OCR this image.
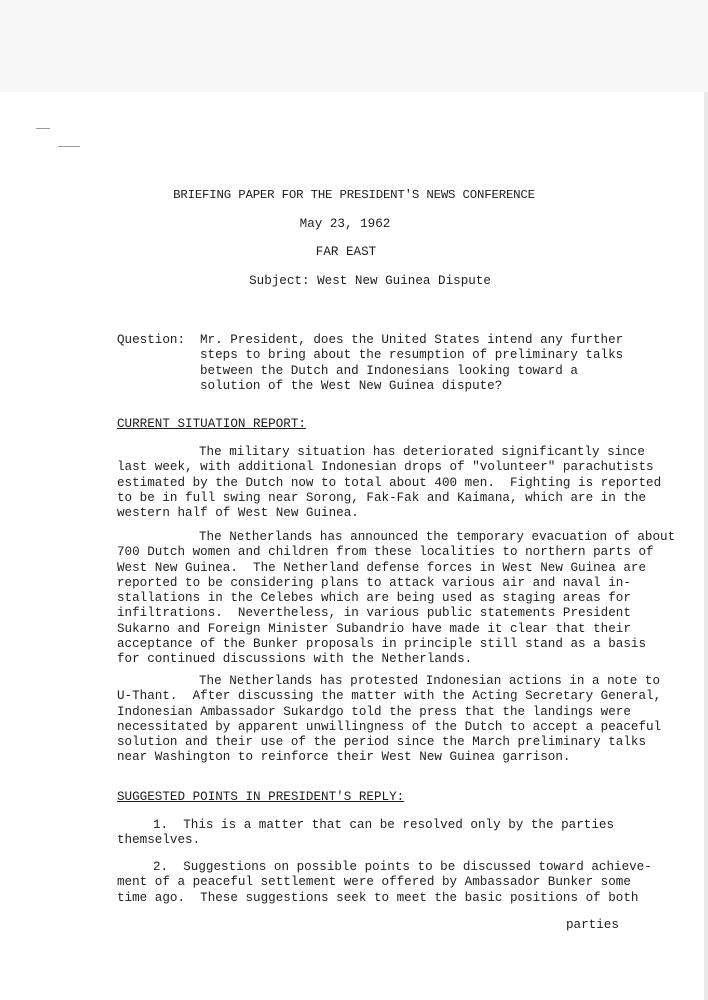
BRIEFING PAPER FOR THE PRESIDENT'S NEWS CONFERENCE
May 23, 1962
FAR EAST
Subject: West New Guinea Dispute
Question: Mr. President, does the United States intend any further
steps to bring about the resumption of preliminary talks
between the Dutch and Indonesians looking toward a
solution of the West New Guinea dispute?
CURRENT SITUATION REPORT:
The military situation has deteriorated significantly since
last week, with additional Indonesian drops of "volunteer" parachutists
estimated by the Dutch now to total about 400 men.  Fighting is reported
to be in full swing near Sorong, Fak-Fak and Kaimana, which are in the
western half of West New Guinea.
The Netherlands has announced the temporary evacuation of about
700 Dutch women and children from these localities to northern parts of
West New Guinea.  The Netherland defense forces in West New Guinea are
reported to be considering plans to attack various air and naval in-
stallations in the Celebes which are being used as staging areas for
infiltrations.  Nevertheless, in various public statements President
Sukarno and Foreign Minister Subandrio have made it clear that their
acceptance of the Bunker proposals in principle still stand as a basis
for continued discussions with the Netherlands.
The Netherlands has protested Indonesian actions in a note to
U-Thant.  After discussing the matter with the Acting Secretary General,
Indonesian Ambassador Sukardgo told the press that the landings were
necessitated by apparent unwillingness of the Dutch to accept a peaceful
solution and their use of the period since the March preliminary talks
near Washington to reinforce their West New Guinea garrison.
SUGGESTED POINTS IN PRESIDENT'S REPLY:
1.  This is a matter that can be resolved only by the parties
themselves.
2.  Suggestions on possible points to be discussed toward achieve-
ment of a peaceful settlement were offered by Ambassador Bunker some
time ago.  These suggestions seek to meet the basic positions of both
parties
